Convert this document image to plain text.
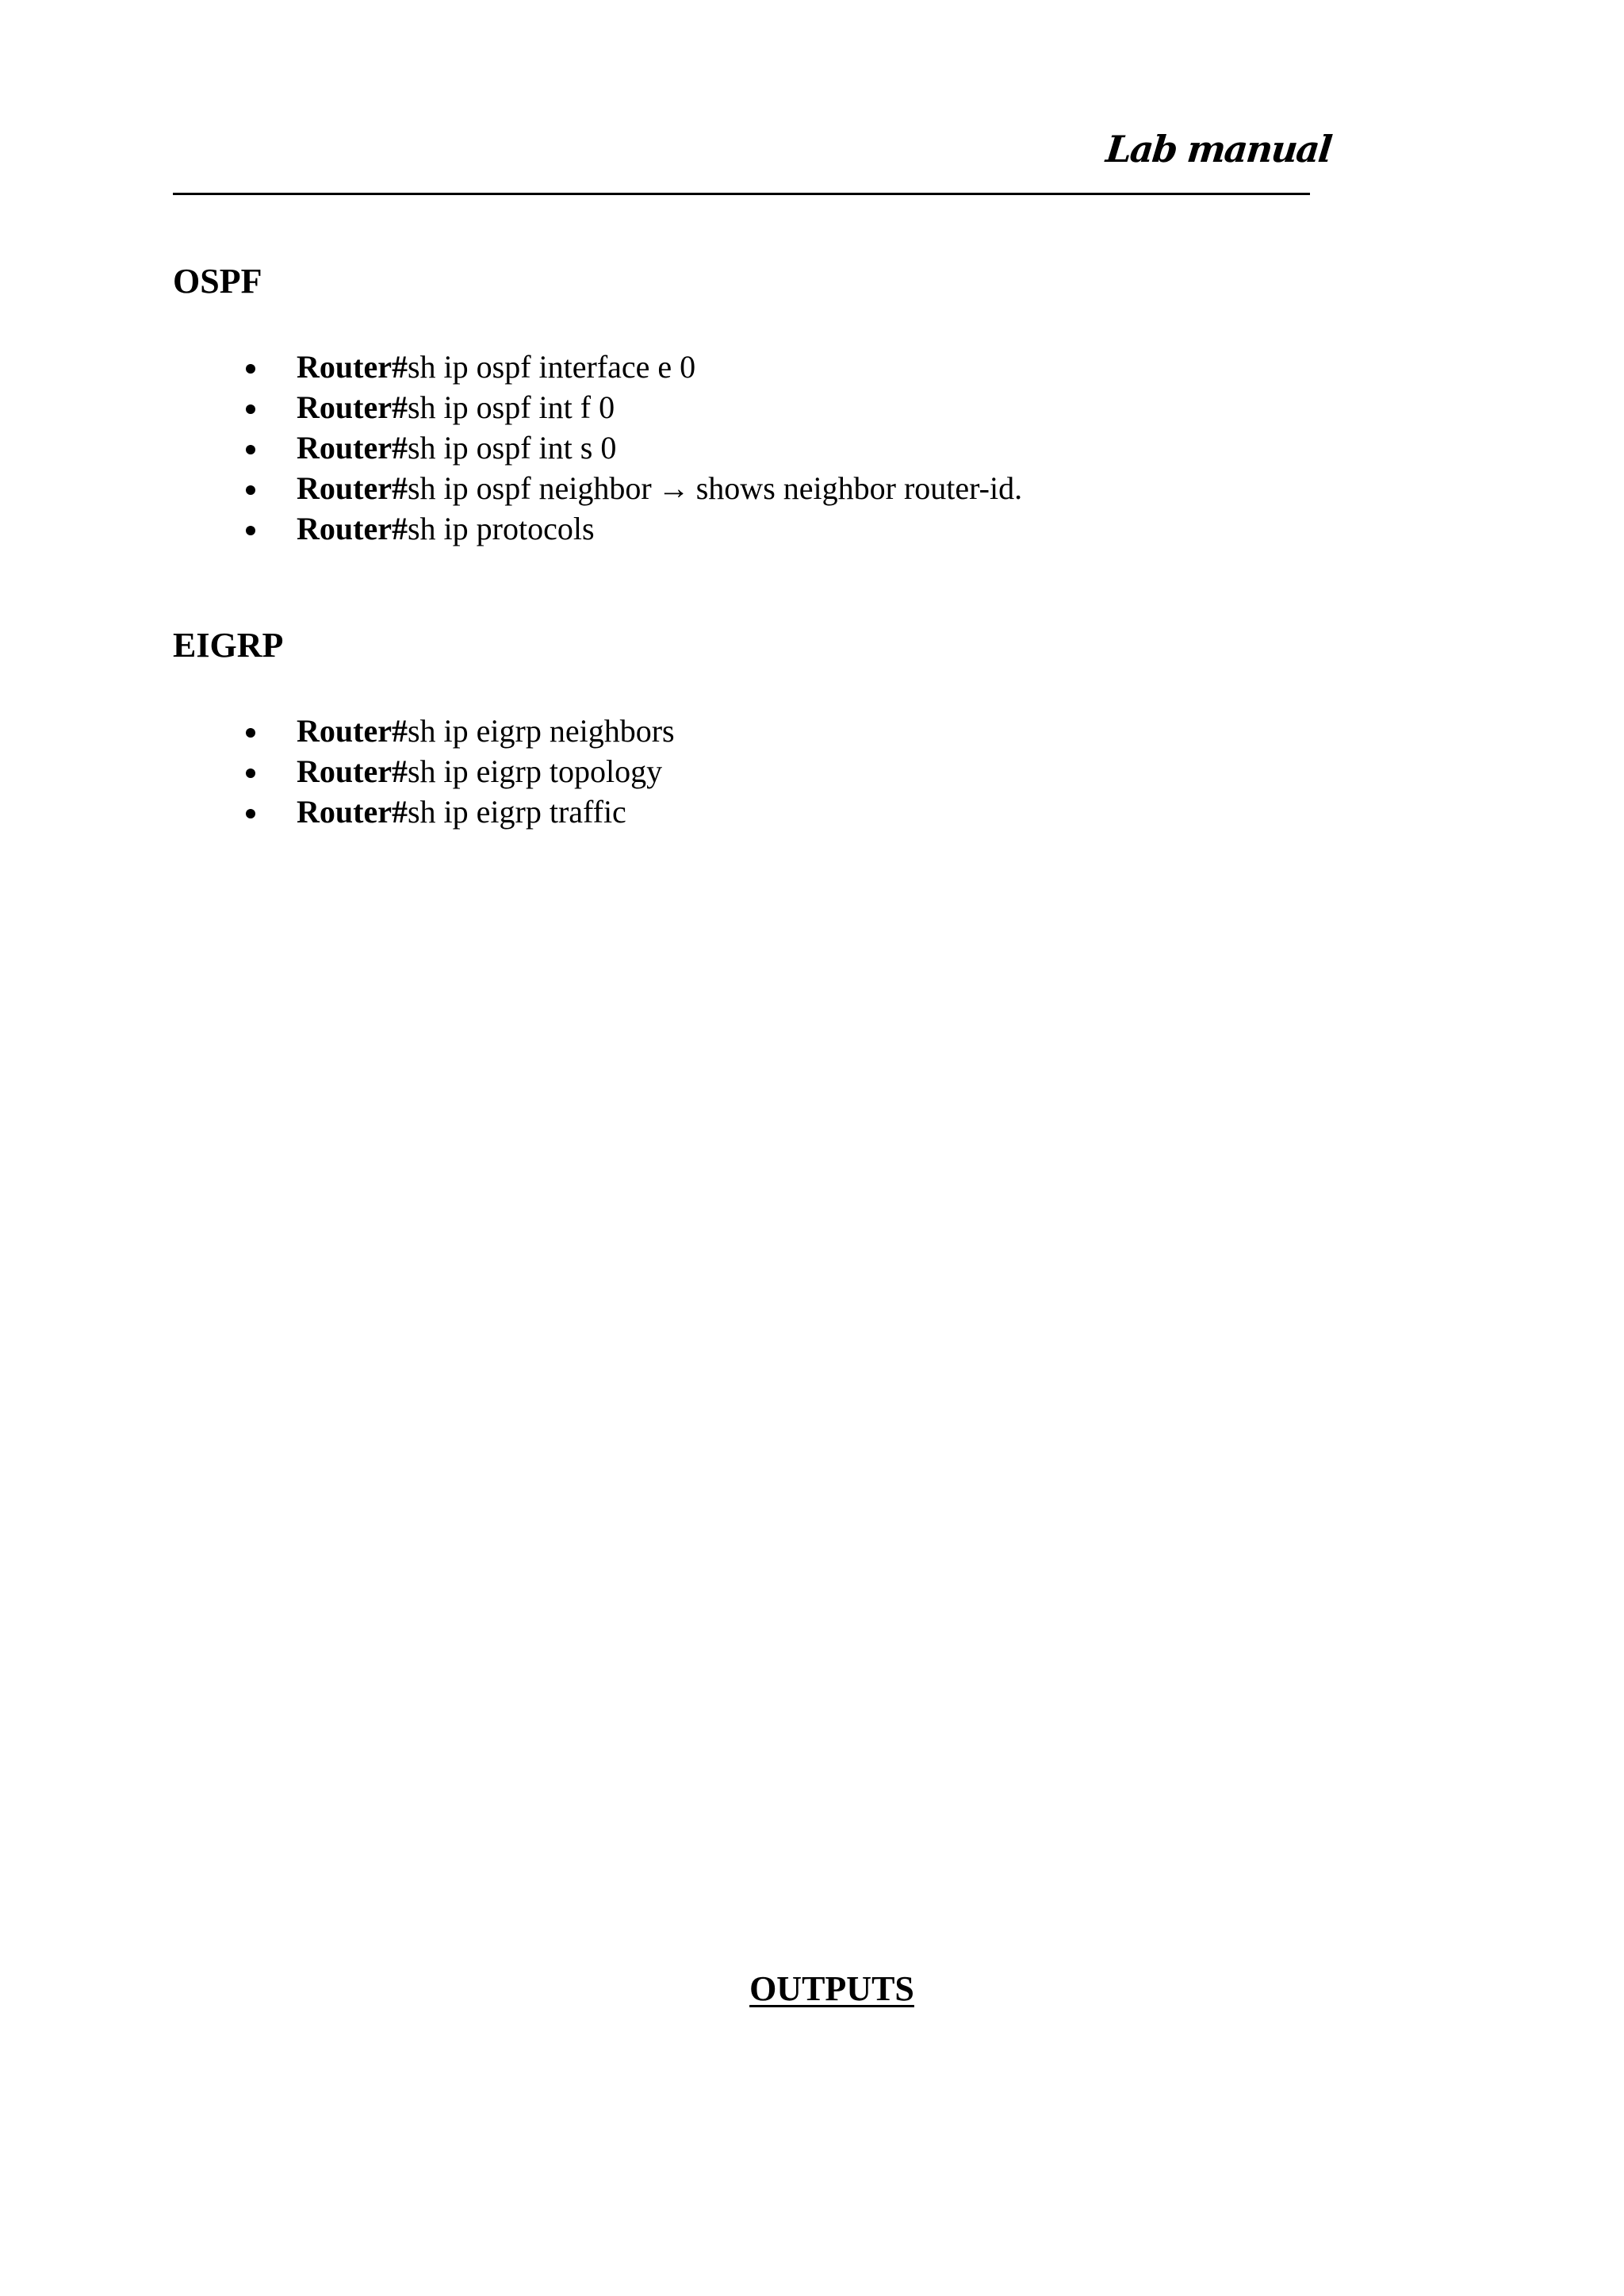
Lab manual
OSPF
Router#sh ip ospf interface e 0
Router#sh ip ospf int f 0
Router#sh ip ospf int s 0
Router#sh ip ospf neighbor → shows neighbor router-id.
Router#sh ip protocols
EIGRP
Router#sh ip eigrp neighbors
Router#sh ip eigrp topology
Router#sh ip eigrp traffic
OUTPUTS
